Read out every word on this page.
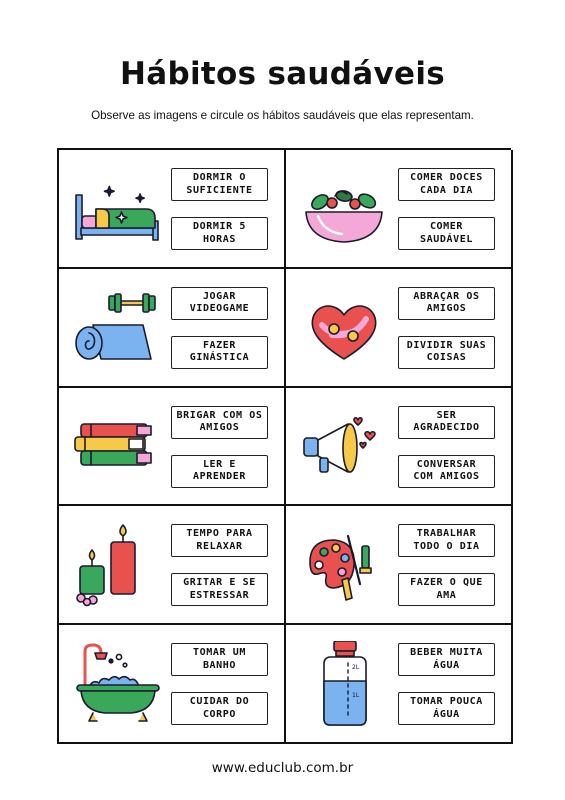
Hábitos saudáveis
Observe as imagens e circule os hábitos saudáveis que elas representam.
DORMIR O
SUFICIENTE
DORMIR 5
HORAS
COMER DOCES
CADA DIA
COMER
SAUDÁVEL
JOGAR
VIDEOGAME
FAZER
GINÁSTICA
ABRAÇAR OS
AMIGOS
DIVIDIR SUAS
COISAS
BRIGAR COM OS
AMIGOS
LER E
APRENDER
SER
AGRADECIDO
CONVERSAR
COM AMIGOS
TEMPO PARA
RELAXAR
GRITAR E SE
ESTRESSAR
TRABALHAR
TODO O DIA
FAZER O QUE
AMA
TOMAR UM
BANHO
CUIDAR DO
CORPO
2L
1L
BEBER MUITA
ÁGUA
TOMAR POUCA
ÁGUA
www.educlub.com.br
